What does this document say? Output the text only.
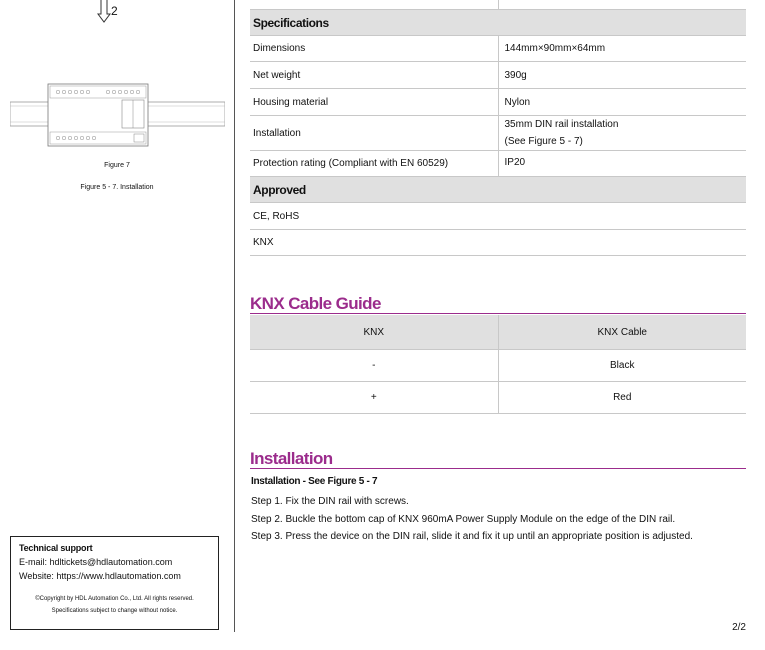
2
Figure 7
Figure 5 - 7. Installation
Technical support
E-mail: hdltickets@hdlautomation.com
Website: https://www.hdlautomation.com
©Copyright by HDL Automation Co., Ltd. All rights reserved.
Specifications subject to change without notice.

Specifications	
Dimensions	144mm×90mm×64mm
Net weight	390g
Housing material	Nylon
Installation	35mm DIN rail installation
(See Figure 5 - 7)

Protection rating (Compliant with EN 60529)	IP20
Approved	
CE, RoHS	
KNX	
KNX Cable Guide
KNX	KNX Cable
-	Black
+	Red
Installation
Installation - See Figure 5 - 7
Step 1. Fix the DIN rail with screws.
Step 2. Buckle the bottom cap of KNX 960mA Power Supply Module on the edge of the DIN rail.
Step 3. Press the device on the DIN rail, slide it and fix it up until an appropriate position is adjusted.
2/2
